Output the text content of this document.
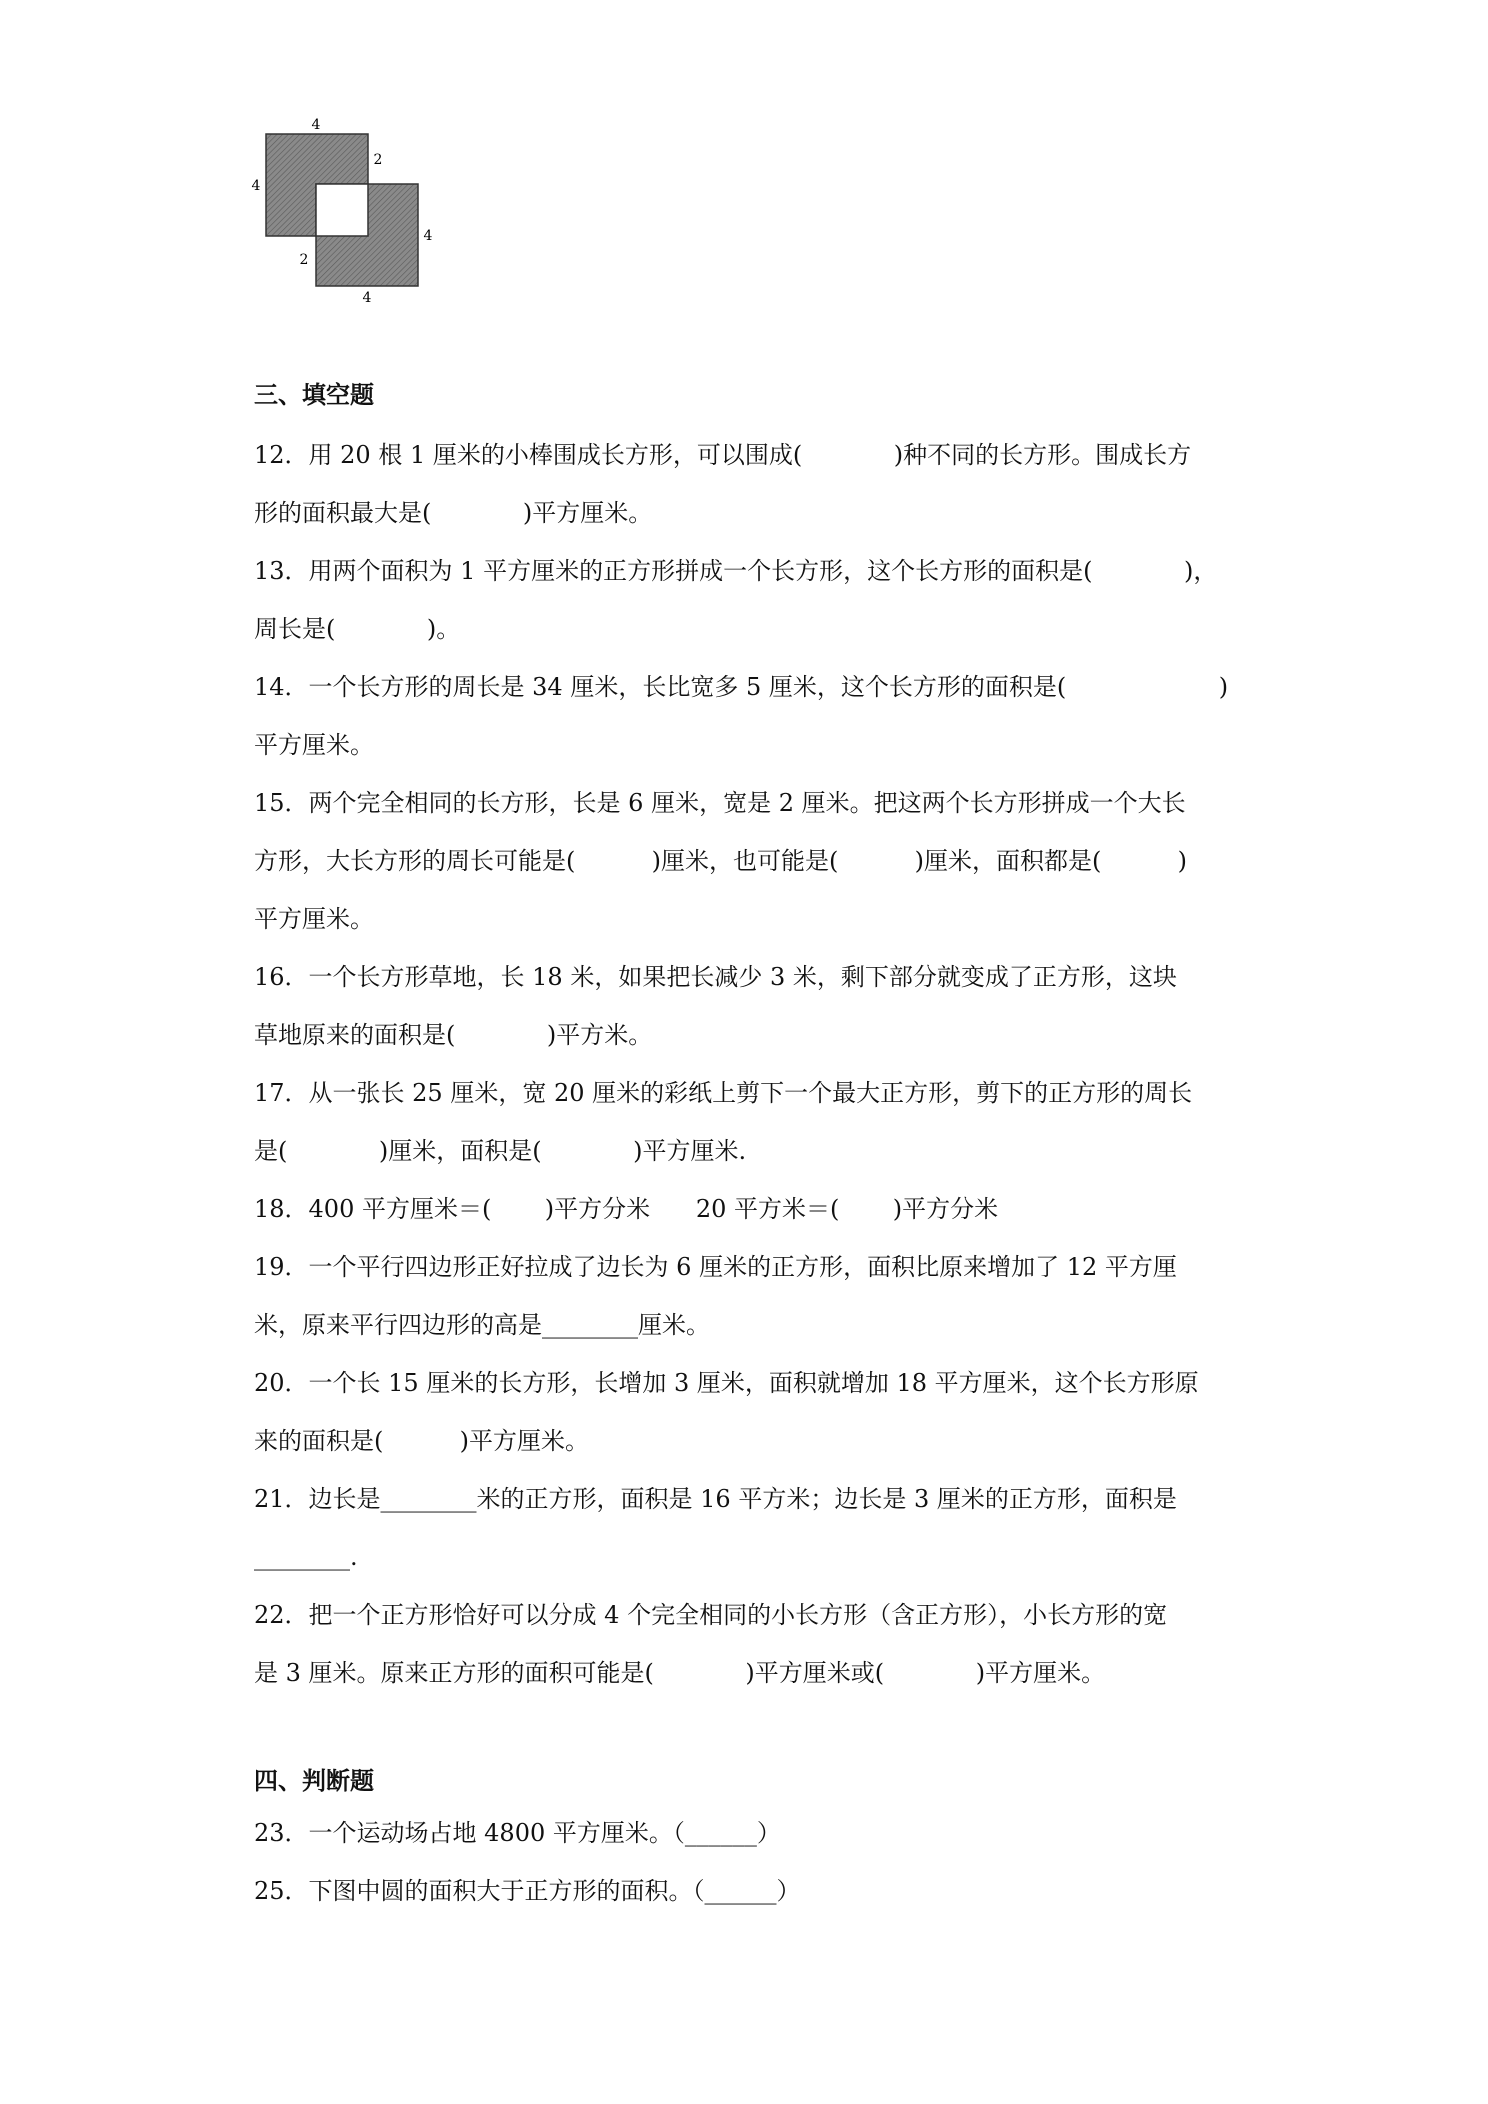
4
4
2
4
2
4
三、填空题
12．用 20 根 1 厘米的小棒围成长方形，可以围成(            )种不同的长方形。围成长方
形的面积最大是(            )平方厘米。
13．用两个面积为 1 平方厘米的正方形拼成一个长方形，这个长方形的面积是(            )，
周长是(            )。
14．一个长方形的周长是 34 厘米，长比宽多 5 厘米，这个长方形的面积是(                    )
平方厘米。
15．两个完全相同的长方形，长是 6 厘米，宽是 2 厘米。把这两个长方形拼成一个大长
方形，大长方形的周长可能是(          )厘米，也可能是(          )厘米，面积都是(          )
平方厘米。
16．一个长方形草地，长 18 米，如果把长减少 3 米，剩下部分就变成了正方形，这块
草地原来的面积是(            )平方米。
17．从一张长 25 厘米，宽 20 厘米的彩纸上剪下一个最大正方形，剪下的正方形的周长
是(            )厘米，面积是(            )平方厘米.
18．400 平方厘米＝(       )平方分米      20 平方米＝(       )平方分米
19．一个平行四边形正好拉成了边长为 6 厘米的正方形，面积比原来增加了 12 平方厘
米，原来平行四边形的高是________厘米。
20．一个长 15 厘米的长方形，长增加 3 厘米，面积就增加 18 平方厘米，这个长方形原
来的面积是(          )平方厘米。
21．边长是________米的正方形，面积是 16 平方米；边长是 3 厘米的正方形，面积是
________.
22．把一个正方形恰好可以分成 4 个完全相同的小长方形（含正方形），小长方形的宽
是 3 厘米。原来正方形的面积可能是(            )平方厘米或(            )平方厘米。
四、判断题
23．一个运动场占地 4800 平方厘米。（______）
25．下图中圆的面积大于正方形的面积。（______）
